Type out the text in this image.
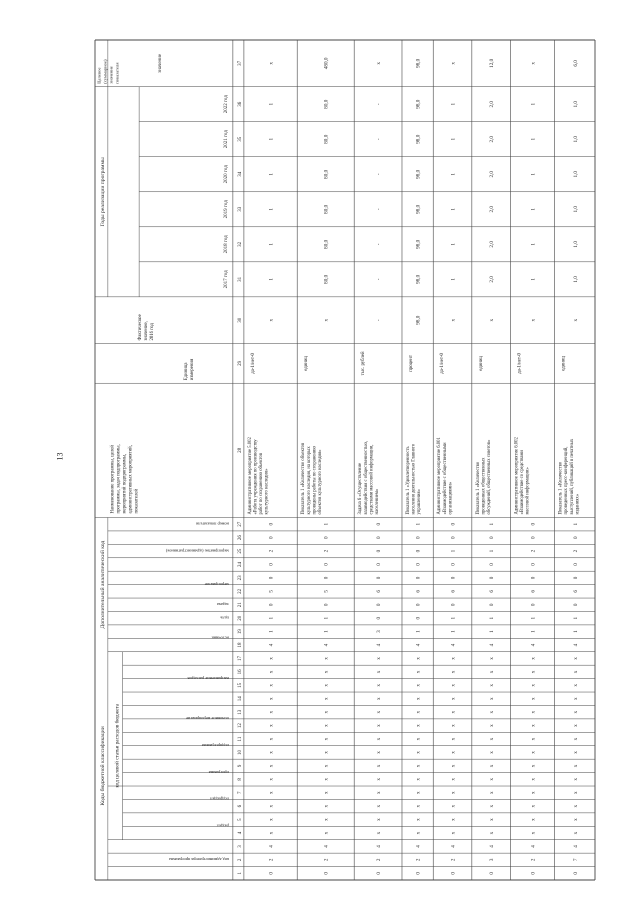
13
Коды бюджетной классификации
Дополнительный аналитический код
код целевой статьи расходов бюджета
Годы реализации программы
Целевое(суммарное)значениепоказателя	значение
код администратора программы
раздел
подраздел
программа
подпрограмма
основное мероприятие
направление расходов
источник
цель
задача
мероприятие
мероприятие (административное)
номер показателя
Наименование программы, целейпрограммы, задач подпрограммы,мероприятий подпрограммы,административных мероприятий,показателей
Единицаизмерения
Фактическоезначение,2016 год
2017 год
2018 год
2019 год
2020 год
2021 год
2022 год
1
2
3
4
5
6
7
8
9
10
11
12
13
14
15
16
17
18
19
20
21
22
23
24
25
26
27
28
29
30
31
32
33
34
35
36
37
0
2
4
х
х
х
х
х
х
х
х
х
х
х
х
х
х
4
1
1
0
5
0
0
2
0
0
Административное мероприятие 5.002«Работа учреждения по производствуработ по сохранению объектовкультурного наследия»
да-1/нет-0
х
1
1
1
1
1
1
х
0
2
4
х
х
х
х
х
х
х
х
х
х
х
х
х
х
4
1
1
0
5
0
0
2
0
1
Показатель 1 «Количество объектовкультурного наследия, на которыхпроведены работы по сохранениюобъектов культурного наследия»
единиц
х
80,0
80,0
80,0
80,0
80,0
80,0
480,0
0
2
4
х
х
х
х
х
х
х
х
х
х
х
х
х
х
4
3
0
0
6
0
0
0
0
0
Задача 6 «Осуществлениевзаимодействия с общественностью,средствами массовой информации,населением»
тыс. рублей
-
-
-
-
-
-
-
х
0
2
4
х
х
х
х
х
х
х
х
х
х
х
х
х
х
4
1
0
0
6
0
0
0
0
1
Показатель 1 «Удовлетворенностьнаселения деятельностью Главногоуправления»
процент
98,0
98,0
98,0
98,0
98,0
98,0
98,0
98,0
0
2
4
х
х
х
х
х
х
х
х
х
х
х
х
х
х
4
1
1
0
6
0
0
1
0
0
Административное мероприятие 6.001«Взаимодействие с общественнымиорганизациями»
да-1/нет-0
х
1
1
1
1
1
1
х
0
3
4
х
х
х
х
х
х
х
х
х
х
х
х
х
х
4
1
1
0
6
0
0
1
0
1
Показатель 1 «Количествопроведенных общественныхобсуждений, общественных советов»
единиц
х
2,0
2,0
2,0
2,0
2,0
2,0
12,0
0
2
4
х
х
х
х
х
х
х
х
х
х
х
х
х
х
4
1
1
0
6
0
0
2
0
0
Административное мероприятие 6.002«Взаимодействие со средствамимассовой информации»
да-1/нет-0
х
1
1
1
1
1
1
х
0
7
4
х
х
х
х
х
х
х
х
х
х
х
х
х
х
4
1
1
0
6
0
0
2
0
1
Показатель 1 «Количествопроведенных пресс-конференций,выступлений, публикаций в печатныхизданиях»
единиц
х
1,0
1,0
1,0
1,0
1,0
1,0
6,0
